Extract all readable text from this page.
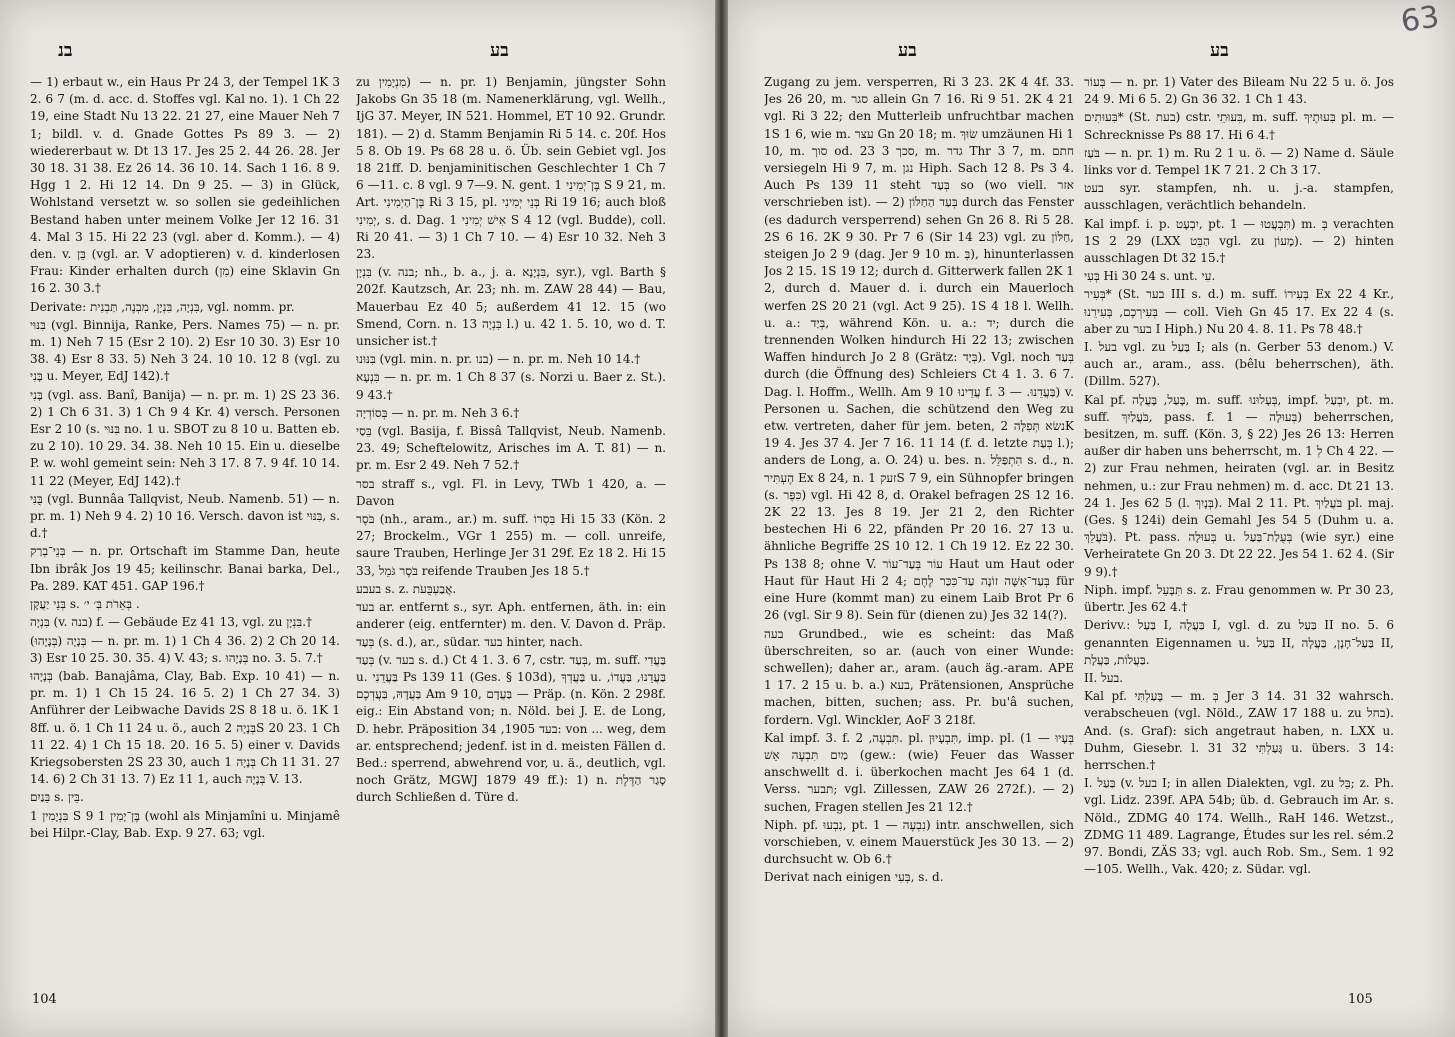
בנ	בע

— 1) erbaut w., ein Haus Pr 24 3, der Tempel 1K 3 2. 6 7 (m. d. acc. d. Stoffes vgl. Kal no. 1). 1 Ch 22 19, eine Stadt Nu 13 22. 21 27, eine Mauer Neh 7 1; bildl. v. d. Gnade Gottes Ps 89 3. — 2) wiedererbaut w. Dt 13 17. Jes 25 2. 44 26. 28. Jer 30 18. 31 38. Ez 26 14. 36 10. 14. Sach 1 16. 8 9. Hgg 1 2. Hi 12 14. Dn 9 25. — 3) in Glück, Wohlstand versetzt w. so sollen sie gedeihlichen Bestand haben unter meinem Volke Jer 12 16. 31 4. Mal 3 15. Hi 22 23 (vgl. aber d. Komm.). — 4) den. v. בֵּן (vgl. ar. V adoptieren) v. d. kinderlosen Frau: Kinder erhalten durch (מִן) eine Sklavin Gn 16 2. 30 3.†

Derivate: בִּנְיָה, בִּנְיָן, מִבְנֶה, תַּבְנִית, vgl. nomm. pr.

בִּנּוּי (vgl. Binnija, Ranke, Pers. Names 75) — n. pr. m. 1) Neh 7 15 (Esr 2 10). 2) Esr 10 30. 3) Esr 10 38. 4) Esr 8 33. 5) Neh 3 24. 10 10. 12 8 (vgl. zu בָּנִי u. Meyer, EdJ 142).†

בָּנִי (vgl. ass. Banî, Banija) — n. pr. m. 1) 2S 23 36. 2) 1 Ch 6 31. 3) 1 Ch 9 4 Kr. 4) versch. Personen Esr 2 10 (s. בִּנּוּי no. 1 u. SBOT zu 8 10 u. Batten eb. zu 2 10). 10 29. 34. 38. Neh 10 15. Ein u. dieselbe P. w. wohl gemeint sein: Neh 3 17. 8 7. 9 4f. 10 14. 11 22 (Meyer, EdJ 142).†

בֻּנִּי (vgl. Bunnâa Tallqvist, Neub. Namenb. 51) — n. pr. m. 1) Neh 9 4. 2) 10 16. Versch. davon ist בִּנּוּי, s. d.†

בְּנֵי־בְרַק — n. pr. Ortschaft im Stamme Dan, heute Ibn ibrâk Jos 19 45; keilinschr. Banai barka, Del., Pa. 289. KAT 451. GAP 196.†

בְּנֵי יַעֲקָן s. בְּאֵרֹת בְּ׳ י׳ .

בִּנְיָה (v. בנה) f. — Gebäude Ez 41 13, vgl. zu בִּנְיָן.†

בְּנָיָה (בְּנָיָהוּ) — n. pr. m. 1) 1 Ch 4 36. 2) 2 Ch 20 14. 3) Esr 10 25. 30. 35. 4) V. 43; s. בְּנָיָהוּ no. 3. 5. 7.†

בְּנָיָהוּ (bab. Banajâma, Clay, Bab. Exp. 10 41) — n. pr. m. 1) 1 Ch 15 24. 16 5. 2) 1 Ch 27 34. 3) Anführer der Leibwache Davids 2S 8 18 u. ö. 1K 1 8ff. u. ö. 1 Ch 11 24 u. ö., auch בְּנָיָה 2S 20 23. 1 Ch 11 22. 4) 1 Ch 15 18. 20. 16 5. 5) einer v. Davids Kriegsobersten 2S 23 30, auch בְּנָיָה 1 Ch 11 31. 27 14. 6) 2 Ch 31 13. 7) Ez 11 1, auch בְּנָיָה V. 13.

בֵּנַיִם s. בֵּין.

בִּנְיָמִין 1 S 9 1 בֶּן־יָמִין (wohl als Minjamîni u. Minjamê bei Hilpr.-Clay, Bab. Exp. 9 27. 63; vgl.

zu מִנְיָמִין) — n. pr. 1) Benjamin, jüngster Sohn Jakobs Gn 35 18 (m. Namenerklärung, vgl. Wellh., IjG 37. Meyer, IN 521. Hommel, ET 10 92. Grundr. 181). — 2) d. Stamm Benjamin Ri 5 14. c. 20f. Hos 5 8. Ob 19. Ps 68 28 u. ö. Üb. sein Gebiet vgl. Jos 18 21ff. D. benjaminitischen Geschlechter 1 Ch 7 6 —11. c. 8 vgl. 9 7—9. N. gent. בֶּן־יְמִינִי 1 S 9 21, m. Art. בֶּן־הַיְמִינִי Ri 3 15, pl. בְּנֵי יְמִינִי Ri 19 16; auch bloß יְמִינִי, s. d. Dag. אִישׁ יְמִינִי 1 S 4 12 (vgl. Budde), coll. Ri 20 41. — 3) 1 Ch 7 10. — 4) Esr 10 32. Neh 3 23.

בִּנְיָן (v. בנה; nh., b. a., j. a. בִּנְיָנָא, syr.), vgl. Barth § 202f. Kautzsch, Ar. 23; nh. m. ZAW 28 44) — Bau, Mauerbau Ez 40 5; außerdem 41 12. 15 (wo Smend, Corn. n. 13 בִּנְיָה l.) u. 42 1. 5. 10, wo d. T. unsicher ist.†

בִּנּוּנוּ (vgl. min. n. pr. בנו) — n. pr. m. Neh 10 14.†

בִּנְעָא — n. pr. m. 1 Ch 8 37 (s. Norzi u. Baer z. St.). 9 43.†

בְּסוֹדְיָה — n. pr. m. Neh 3 6.†

בֵּסַי (vgl. Basija, f. Bissâ Tallqvist, Neub. Namenb. 23. 49; Scheftelowitz, Arisches im A. T. 81) — n. pr. m. Esr 2 49. Neh 7 52.†

בסר straff s., vgl. Fl. in Levy, TWb 1 420, a. — Davon

בֹּסֶר (nh., aram., ar.) m. suff. בִּסְרוֹ Hi 15 33 (Kön. 2 27; Brockelm., VGr 1 255) m. — coll. unreife, saure Trauben, Herlinge Jer 31 29f. Ez 18 2. Hi 15 33, בֹּסֶר גֹּמֵל reifende Trauben Jes 18 5.†

בעבע s. z. אֲבַעְבֻּעֹת.

בעד ar. entfernt s., syr. Aph. entfernen, äth. in: ein anderer (eig. entfernter) m. den. V. Davon d. Präp. בְּעַד (s. d.), ar., südar. בעד hinter, nach.

בְּעַד (v. בעד s. d.) Ct 4 1. 3. 6 7, cstr. בְּעַד, m. suff. בַּעֲדִי u. בַּעֲדֵנִי Ps 139 11 (Ges. § 103d), בַּעֲדְךָ u. בַּעֲדֵנוּ, בַּעֲדוֹ, בַּעֲדָהּ, בַּעֲדְכֶם Am 9 10, בַּעֲדָם — Präp. (n. Kön. 2 298f. eig.: Ein Abstand von; n. Nöld. bei J. E. de Long, D. hebr. Präposition בעד 1905, 34: von ... weg, dem ar. entsprechend; jedenf. ist in d. meisten Fällen d. Bed.: sperrend, abwehrend vor, u. ä., deutlich, vgl. noch Grätz, MGWJ 1879 49 ff.): 1) n. סָגַר הַדֶּלֶת durch Schließen d. Türe d.

104
בע	בע
63

Zugang zu jem. versperren, Ri 3 23. 2K 4 4f. 33. Jes 26 20, m. סגר allein Gn 7 16. Ri 9 51. 2K 4 21 vgl. Ri 3 22; den Mutterleib unfruchtbar machen 1S 1 6, wie m. עצר Gn 20 18; m. שׂוּךְ umzäunen Hi 1 10, m. סוך od. סכך 3 23, m. גדר Thr 3 7, m. חתם versiegeln Hi 9 7, m. נגן Hiph. Sach 12 8. Ps 3 4. Auch Ps 139 11 steht בְּעַד so (wo viell. אזר verschrieben ist). — 2) בְּעַד הַחַלּוֹן durch das Fenster (es dadurch versperrend) sehen Gn 26 8. Ri 5 28. 2S 6 16. 2K 9 30. Pr 7 6 (Sir 14 23) vgl. zu חַלּוֹן, steigen Jo 2 9 (dag. Jer 9 10 m. בְּ), hinunterlassen Jos 2 15. 1S 19 12; durch d. Gitterwerk fallen 2K 1 2, durch d. Mauer d. i. durch ein Mauerloch werfen 2S 20 21 (vgl. Act 9 25). 1S 4 18 l. Wellh. u. a.: בְּיַד, während Kön. u. a.: יד; durch die trennenden Wolken hindurch Hi 22 13; zwischen Waffen hindurch Jo 2 8 (Grätz: בְּיָד). Vgl. noch בְּעַד durch (die Öffnung des) Schleiers Ct 4 1. 3. 6 7. Dag. l. Hoffm., Wellh. Am 9 10 עֲדֵינוּ f. בַּעֲדֵנוּ. — 3) v. Personen u. Sachen, die schützend den Weg zu etw. vertreten, daher für jem. beten, נשׂא תְּפִלָּה 2K 19 4. Jes 37 4. Jer 7 16. 11 14 (f. d. letzte בְּעַת l.); anders de Long, a. O. 24) u. bes. n. הִתְפַּלֵּל s. d., n. הֶעְתִּיר Ex 8 24, n. זעק 1S 7 9, ein Sühnopfer bringen (s. כִּפֶּר) vgl. Hi 42 8, d. Orakel befragen 2S 12 16. 2K 22 13. Jes 8 19. Jer 21 2, den Richter bestechen Hi 6 22, pfänden Pr 20 16. 27 13 u. ähnliche Begriffe 2S 10 12. 1 Ch 19 12. Ez 22 30. Ps 138 8; ohne V. עוֹר בְּעַד־עוֹר Haut um Haut oder Haut für Haut Hi 2 4; בְּעַד־אִשָּׁה זוֹנָה עַד־כִּכַּר לֶחֶם für eine Hure (kommt man) zu einem Laib Brot Pr 6 26 (vgl. Sir 9 8). Sein für (dienen zu) Jes 32 14(?).

בעה Grundbed., wie es scheint: das Maß überschreiten, so ar. (auch von einer Wunde: schwellen); daher ar., aram. (auch äg.-aram. APE 1 17. 2 15 u. b. a.) בעא, Prätensionen, Ansprüche machen, bitten, suchen; ass. Pr. bu'â suchen, fordern. Vgl. Winckler, AoF 3 218f.

Kal impf. 3. f. תִּבְעֶה, 2. pl. תִּבְעָיוּן, imp. pl. בְּעָיוּ — 1) מַיִם תִּבְעֶה אֵשׁ (gew.: (wie) Feuer das Wasser anschwellt d. i. überkochen macht Jes 64 1 (d. Verss. תבער; vgl. Zillessen, ZAW 26 272f.). — 2) suchen, Fragen stellen Jes 21 12.†

Niph. pf. נִבְעוּ, pt. נִבְעֶה — 1) intr. anschwellen, sich vorschieben, v. einem Mauerstück Jes 30 13. — 2) durchsucht w. Ob 6.†

Derivat nach einigen בְּעִי, s. d.

בְּעוֹר — n. pr. 1) Vater des Bileam Nu 22 5 u. ö. Jos 24 9. Mi 6 5. 2) Gn 36 32. 1 Ch 1 43.

בִּעוּתִים* (St. בעת) cstr. בִּעוּתֵי, m. suff. בִּעוּתֶיךָ pl. m. — Schrecknisse Ps 88 17. Hi 6 4.†

בֹּעַז — n. pr. 1) m. Ru 2 1 u. ö. — 2) Name d. Säule links vor d. Tempel 1K 7 21. 2 Ch 3 17.

בעט syr. stampfen, nh. u. j.-a. stampfen, ausschlagen, verächtlich behandeln.

Kal impf. i. p. יִבְעָט, pt. תִּבְעֲטוּ — 1) m. בְּ verachten 1S 2 29 (LXX הַבֵּט vgl. zu מָעוֹן). — 2) hinten ausschlagen Dt 32 15.†

בְּעִי Hi 30 24 s. unt. עִי.

בְּעִיר* (St. בער III s. d.) m. suff. בְּעִירוֹ Ex 22 4 Kr., בְּעִירְכֶם, בְּעִירֵנוּ — coll. Vieh Gn 45 17. Ex 22 4 (s. aber zu בער I Hiph.) Nu 20 4. 8. 11. Ps 78 48.†

I. בעל vgl. zu בַּעַל I; als (n. Gerber 53 denom.) V. auch ar., aram., ass. (bêlu beherrschen), äth. (Dillm. 527).

Kal pf. בָּעַל, בָּעֲלָה, m. suff. בְּעָלוּנוּ, impf. יִבְעַל, pt. m. suff. בֹּעֲלַיִךְ, pass. f. בְּעוּלָה — 1) beherrschen, besitzen, m. suff. (Kön. 3, § 22) Jes 26 13: Herren außer dir haben uns beherrscht, m. לְ 1 Ch 4 22. — 2) zur Frau nehmen, heiraten (vgl. ar. in Besitz nehmen, u.: zur Frau nehmen) m. d. acc. Dt 21 13. 24 1. Jes 62 5 (l. בְּנָיִךְ). Mal 2 11. Pt. בֹּעֲלַיִךְ pl. maj. (Ges. § 124i) dein Gemahl Jes 54 5 (Duhm u. a. בֹּעֲלֵךְ). Pt. pass. בְּעוּלָה u. בְּעֻלַת־בַּעַל (wie syr.) eine Verheiratete Gn 20 3. Dt 22 22. Jes 54 1. 62 4. (Sir 9 9).†

Niph. impf. תִּבָּעֵל s. z. Frau genommen w. Pr 30 23, übertr. Jes 62 4.†

Derivv.: בַּעַל I, בַּעֲלָה I, vgl. d. zu בַּעַל II no. 5. 6 genannten Eigennamen u. בַּעַל II, בַּעַל־חָנָן, בַּעֲלָה II, בַּעֲלוֹת, בַּעֲלָת.

II. בעל.

Kal pf. בָּעַלְתִּי — m. בְּ Jer 3 14. 31 32 wahrsch. verabscheuen (vgl. Nöld., ZAW 17 188 u. zu בחל). And. (s. Graf): sich angetraut haben, n. LXX u. Duhm, Giesebr. l. 31 32 גָּעַלְתִּי u. übers. 3 14: herrschen.†

I. בַּעַל (v. בעל I; in allen Dialekten, vgl. zu בֵּל; z. Ph. vgl. Lidz. 239f. APA 54b; üb. d. Gebrauch im Ar. s. Nöld., ZDMG 40 174. Wellh., RaH 146. Wetzst., ZDMG 11 489. Lagrange, Études sur les rel. sém.2 97. Bondi, ZÄS 33; vgl. auch Rob. Sm., Sem. 1 92—105. Wellh., Vak. 420; z. Südar. vgl.

105
